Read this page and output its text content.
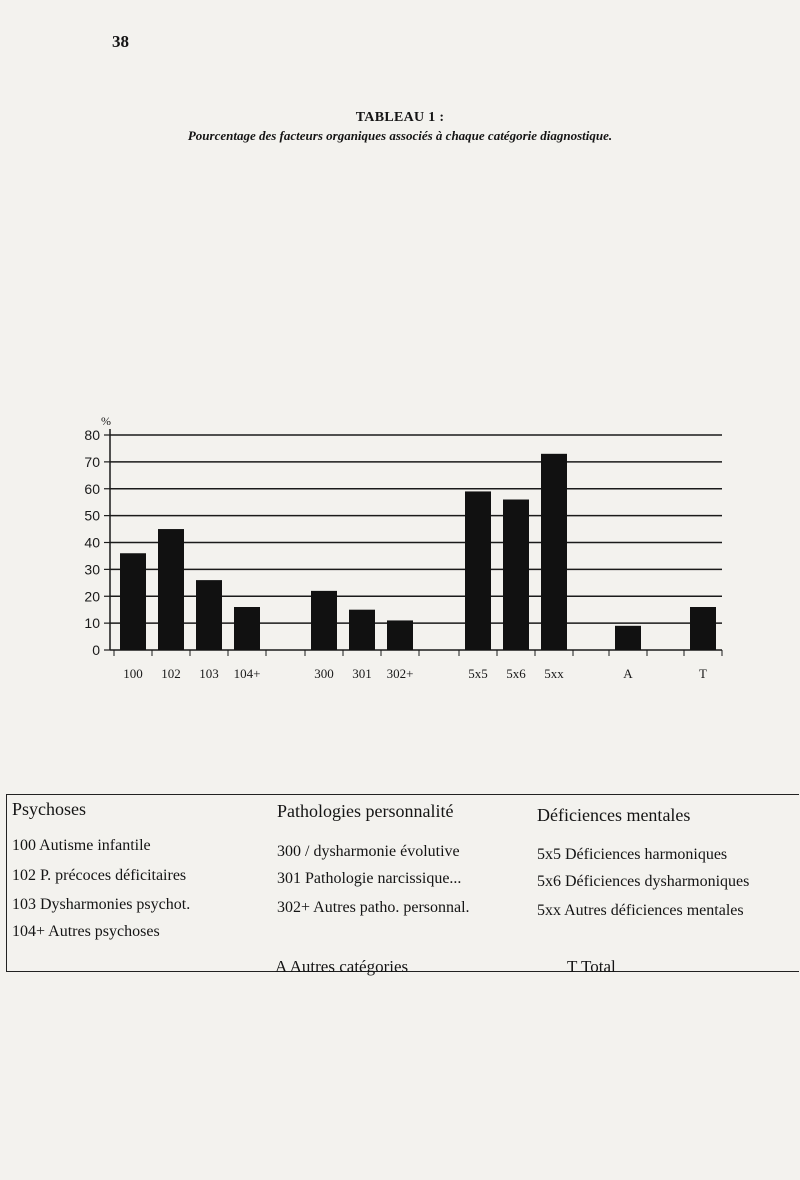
38
TABLEAU 1 :
Pourcentage des facteurs organiques associés à chaque catégorie diagnostique.
0
10
20
30
40
50
60
70
80
%
100 102 103 104+	300 301 302+	5x5 5x6 5xx	A	T
Psychoses	Pathologies personnalité	Déficiences mentales
100 Autisme infantile
102 P. précoces déficitaires
103 Dysharmonies psychot.
104+ Autres psychoses
300 / dysharmonie évolutive
301 Pathologie narcissique...
302+ Autres patho. personnal.
5x5 Déficiences harmoniques
5x6 Déficiences dysharmoniques
5xx Autres déficiences mentales
A Autres catégories	T Total
